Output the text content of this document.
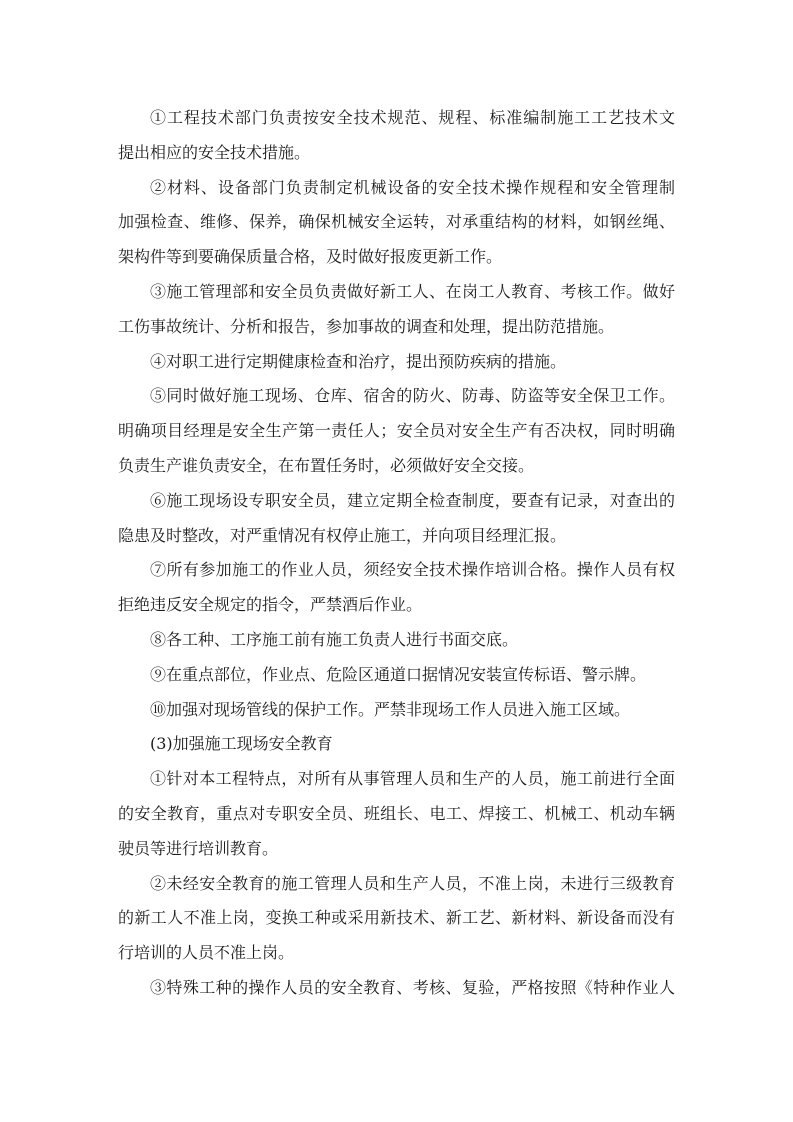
①工程技术部门负责按安全技术规范、规程、标准编制施工工艺技术文
提出相应的安全技术措施。
②材料、设备部门负责制定机械设备的安全技术操作规程和安全管理制
加强检查、维修、保养，确保机械安全运转，对承重结构的材料，如钢丝绳、
架构件等到要确保质量合格，及时做好报废更新工作。
③施工管理部和安全员负责做好新工人、在岗工人教育、考核工作。做好
工伤事故统计、分析和报告，参加事故的调查和处理，提出防范措施。
④对职工进行定期健康检查和治疗，提出预防疾病的措施。
⑤同时做好施工现场、仓库、宿舍的防火、防毒、防盗等安全保卫工作。
明确项目经理是安全生产第一责任人；安全员对安全生产有否决权，同时明确
负责生产谁负责安全，在布置任务时，必须做好安全交接。
⑥施工现场设专职安全员，建立定期全检查制度，要查有记录，对查出的
隐患及时整改，对严重情况有权停止施工，并向项目经理汇报。
⑦所有参加施工的作业人员，须经安全技术操作培训合格。操作人员有权
拒绝违反安全规定的指令，严禁酒后作业。
⑧各工种、工序施工前有施工负责人进行书面交底。
⑨在重点部位，作业点、危险区通道口据情况安装宣传标语、警示牌。
⑩加强对现场管线的保护工作。严禁非现场工作人员进入施工区域。
(3)加强施工现场安全教育
①针对本工程特点，对所有从事管理人员和生产的人员，施工前进行全面
的安全教育，重点对专职安全员、班组长、电工、焊接工、机械工、机动车辆
驶员等进行培训教育。
②未经安全教育的施工管理人员和生产人员，不准上岗，未进行三级教育
的新工人不准上岗，变换工种或采用新技术、新工艺、新材料、新设备而没有
行培训的人员不准上岗。
③特殊工种的操作人员的安全教育、考核、复验，严格按照《特种作业人
